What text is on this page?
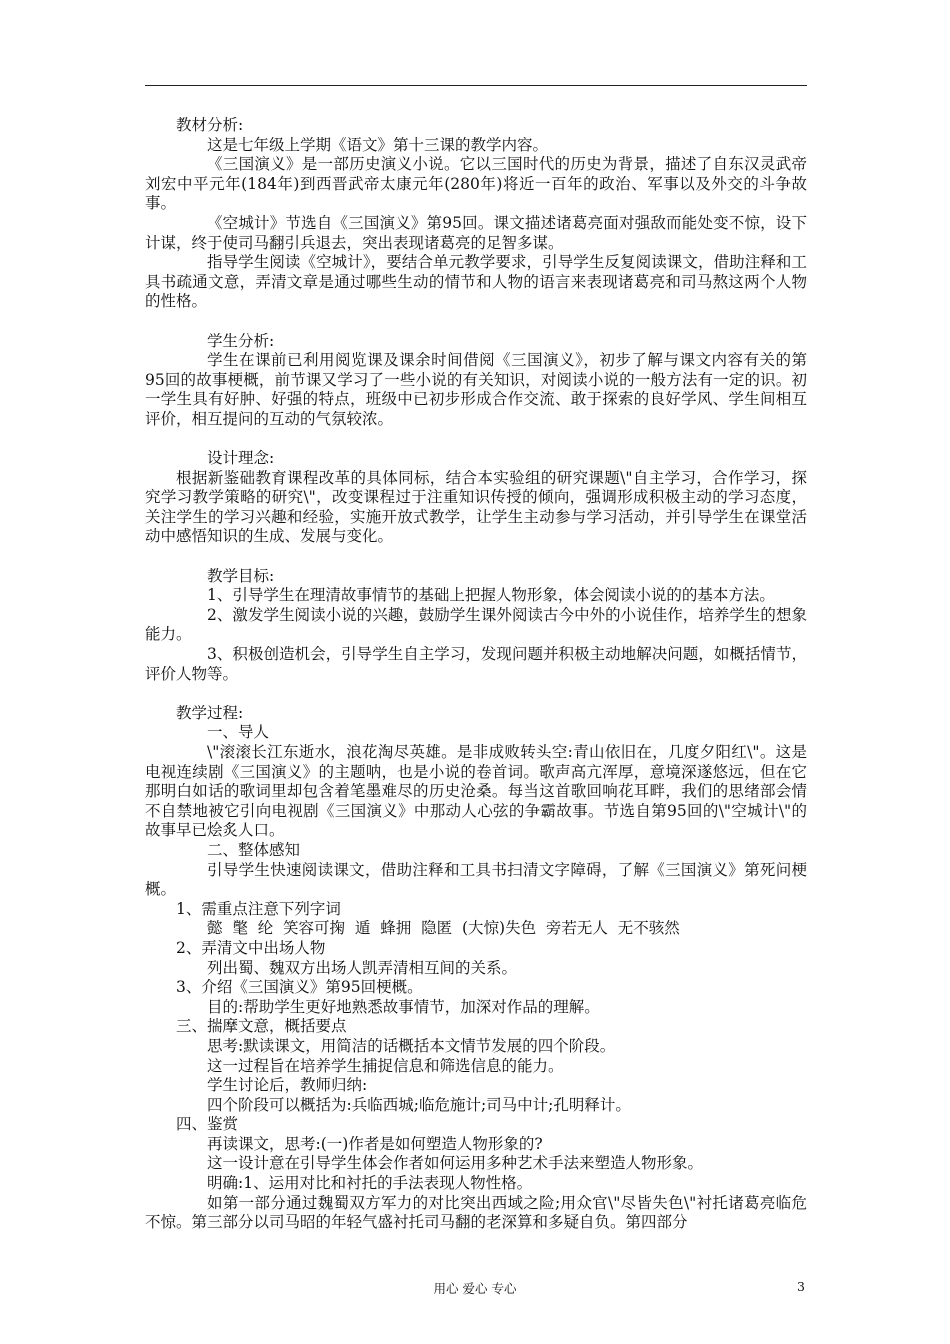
教材分析:

这是七年级上学期《语文》第十三课的教学内容。

《三国演义》是一部历史演义小说。它以三国时代的历史为背景，描述了自东汉灵武帝刘宏中平元年(184年)到西晋武帝太康元年(280年)将近一百年的政治、军事以及外交的斗争故事。

《空城计》节选自《三国演义》第95回。课文描述诸葛亮面对强敌而能处变不惊，设下计谋，终于使司马翻引兵退去，突出表现诸葛亮的足智多谋。

指导学生阅读《空城计》，要结合单元教学要求，引导学生反复阅读课文，借助注释和工具书疏通文意，弄清文章是通过哪些生动的情节和人物的语言来表现诸葛亮和司马熬这两个人物的性格。

学生分析:

学生在课前已利用阅览课及课余时间借阅《三国演义》，初步了解与课文内容有关的第95回的故事梗概，前节课又学习了一些小说的有关知识，对阅读小说的一般方法有一定的识。初一学生具有好肿、好强的特点，班级中已初步形成合作交流、敢于探索的良好学风、学生间相互评价，相互提问的互动的气氛较浓。

设计理念:

根据新鉴础教育课程改革的具体同标，结合本实验组的研究课题\"自主学习，合作学习，探究学习教学策略的研究\"，改变课程过于注重知识传授的倾向，强调形成积极主动的学习态度，关注学生的学习兴趣和经验，实施开放式教学，让学生主动参与学习活动，并引导学生在课堂活动中感悟知识的生成、发展与变化。

教学目标:

1、引导学生在理清故事情节的基础上把握人物形象，体会阅读小说的的基本方法。

2、激发学生阅读小说的兴趣，鼓励学生课外阅读古今中外的小说佳作，培养学生的想象能力。

3、积极创造机会，引导学生自主学习，发现问题并积极主动地解决问题，如概括情节，评价人物等。

教学过程:

一、导人

\"滚滚长江东逝水，浪花淘尽英雄。是非成败转头空:青山依旧在，几度夕阳红\"。这是电视连续剧《三国演义》的主题呐，也是小说的卷首词。歌声高亢浑厚，意境深遂悠远，但在它那明白如话的歌词里却包含着笔墨难尽的历史沧桑。每当这首歌回响花耳畔，我们的思绪部会情不自禁地被它引向电视剧《三国演义》中那动人心弦的争霸故事。节选自第95回的\"空城计\"的故事早已烩炙人口。

二、整体感知

引导学生快速阅读课文，借助注释和工具书扫清文字障碍，了解《三国演义》第死问梗概。

1、需重点注意下列字词

懿  氅  纶  笑容可掬  遁  蜂拥  隐匿  (大惊)失色  旁若无人  无不骇然

2、弄清文中出场人物

列出蜀、魏双方出场人凯弄清相互间的关系。

3、介绍《三国演义》第95回梗概。

目的:帮助学生更好地熟悉故事情节，加深对作品的理解。

三、揣摩文意，概括要点

思考:默读课文，用简洁的话概括本文情节发展的四个阶段。

这一过程旨在培养学生捕捉信息和筛选信息的能力。

学生讨论后，教师归纳:

四个阶段可以概括为:兵临西城;临危施计;司马中计;孔明释计。

四、鉴赏

再读课文，思考:(一)作者是如何塑造人物形象的?

这一设计意在引导学生体会作者如何运用多种艺术手法来塑造人物形象。

明确:1、运用对比和衬托的手法表现人物性格。

如第一部分通过魏蜀双方军力的对比突出西域之险;用众官\"尽皆失色\"衬托诸葛亮临危不惊。第三部分以司马昭的年轻气盛衬托司马翻的老深算和多疑自负。第四部分

用心 爱心 专心	3
